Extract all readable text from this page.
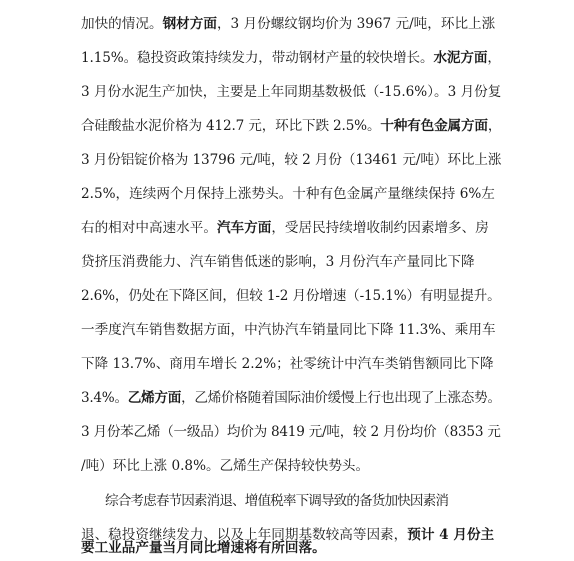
加快的情况。钢材方面，3 月份螺纹钢均价为 3967 元/吨，环比上涨
1.15%。稳投资政策持续发力，带动钢材产量的较快增长。水泥方面，
3 月份水泥生产加快，主要是上年同期基数极低（-15.6%）。3 月份复
合硅酸盐水泥价格为 412.7 元，环比下跌 2.5%。十种有色金属方面，
3 月份铝锭价格为 13796 元/吨，较 2 月份（13461 元/吨）环比上涨
2.5%，连续两个月保持上涨势头。十种有色金属产量继续保持 6%左
右的相对中高速水平。汽车方面，受居民持续增收制约因素增多、房
贷挤压消费能力、汽车销售低迷的影响，3 月份汽车产量同比下降
2.6%，仍处在下降区间，但较 1-2 月份增速（-15.1%）有明显提升。
一季度汽车销售数据方面，中汽协汽车销量同比下降 11.3%、乘用车
下降 13.7%、商用车增长 2.2%；社零统计中汽车类销售额同比下降
3.4%。乙烯方面，乙烯价格随着国际油价缓慢上行也出现了上涨态势。
3 月份苯乙烯（一级品）均价为 8419 元/吨，较 2 月份均价（8353 元
/吨）环比上涨 0.8%。乙烯生产保持较快势头。
综合考虑春节因素消退、增值税率下调导致的备货加快因素消
退、稳投资继续发力、以及上年同期基数较高等因素，预计 4 月份主
要工业品产量当月同比增速将有所回落。
